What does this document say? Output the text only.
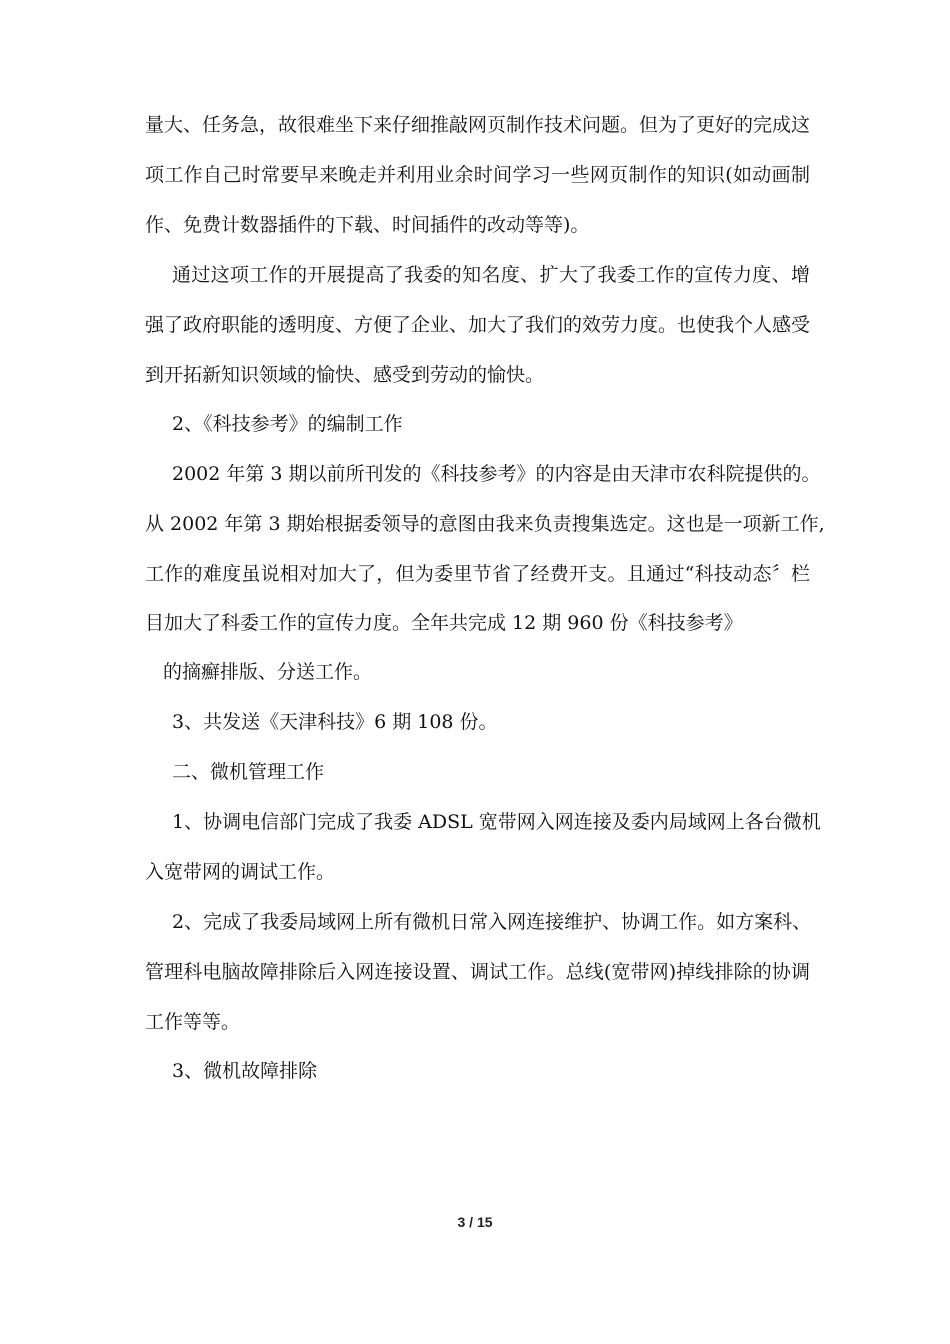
量大、任务急，故很难坐下来仔细推敲网页制作技术问题。但为了更好的完成这
项工作自己时常要早来晚走并利用业余时间学习一些网页制作的知识(如动画制
作、免费计数器插件的下载、时间插件的改动等等)。
通过这项工作的开展提高了我委的知名度、扩大了我委工作的宣传力度、增
强了政府职能的透明度、方便了企业、加大了我们的效劳力度。也使我个人感受
到开拓新知识领域的愉快、感受到劳动的愉快。
2、《科技参考》的编制工作
2002 年第 3 期以前所刊发的《科技参考》的内容是由天津市农科院提供的。
从 2002 年第 3 期始根据委领导的意图由我来负责搜集选定。这也是一项新工作,
工作的难度虽说相对加大了，但为委里节省了经费开支。且通过“科技动态〞栏
目加大了科委工作的宣传力度。全年共完成 12 期 960 份《科技参考》
的摘癬排版、分送工作。
3、共发送《天津科技》6 期 108 份。
二、微机管理工作
1、协调电信部门完成了我委 ADSL 宽带网入网连接及委内局域网上各台微机
入宽带网的调试工作。
2、完成了我委局域网上所有微机日常入网连接维护、协调工作。如方案科、
管理科电脑故障排除后入网连接设置、调试工作。总线(宽带网)掉线排除的协调
工作等等。
3、微机故障排除
3 / 15
